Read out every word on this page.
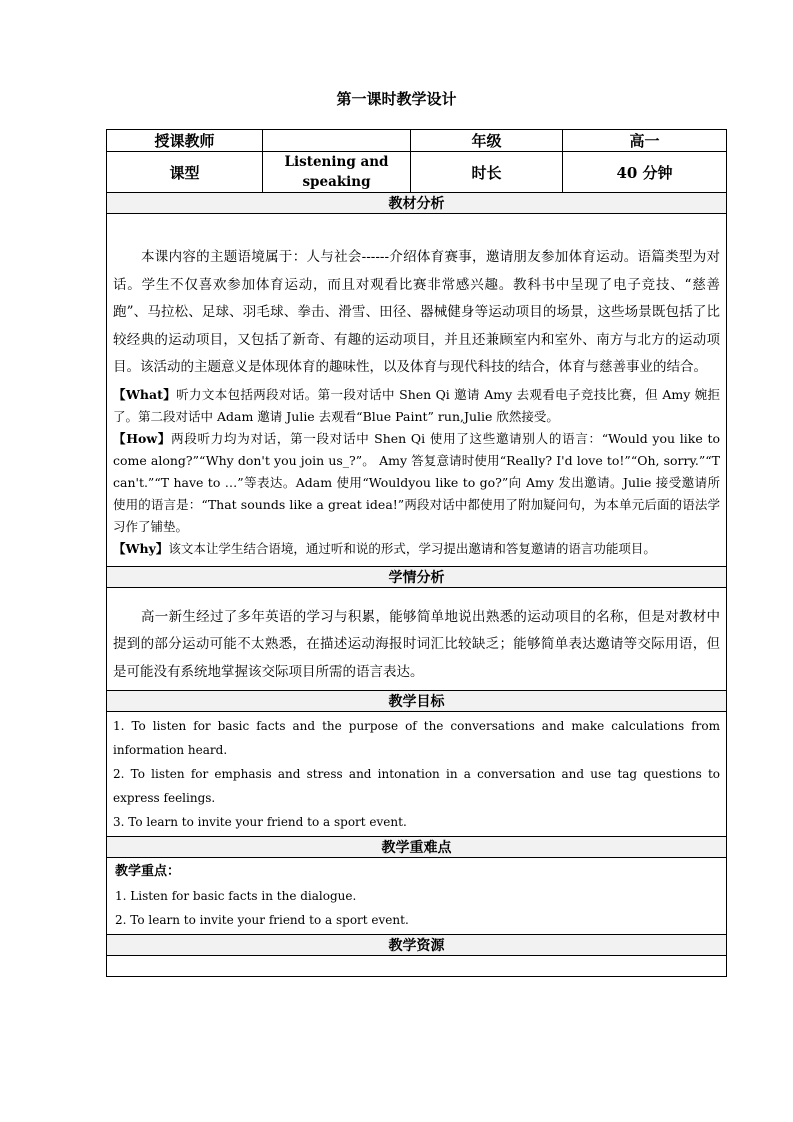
第一课时教学设计
授课教师		年级	高一
课型	Listening and speaking	时长	40 分钟
教材分析			

本课内容的主题语境属于：人与社会------介绍体育赛事，邀请朋友参加体育运动。语篇类型为对话。学生不仅喜欢参加体育运动，而且对观看比赛非常感兴趣。教科书中呈现了电子竞技、“慈善跑”、马拉松、足球、羽毛球、拳击、滑雪、田径、器械健身等运动项目的场景，这些场景既包括了比较经典的运动项目，又包括了新奇、有趣的运动项目，并且还兼顾室内和室外、南方与北方的运动项目。该活动的主题意义是体现体育的趣味性，以及体育与现代科技的结合，体育与慈善事业的结合。

【What】听力文本包括两段对话。第一段对话中 Shen Qi 邀请 Amy 去观看电子竞技比赛，但 Amy 婉拒了。第二段对话中 Adam 邀请 Julie 去观看“Blue Paint” run,Julie 欣然接受。

【How】两段听力均为对话，第一段对话中 Shen Qi 使用了这些邀请别人的语言：“Would you like to come along?”“Why don't you join us_?”。 Amy 答复意请时使用“Really? I'd love to!”“Oh, sorry.”“T can't.”“T have to …”等表达。Adam 使用“Wouldyou like to go?”向 Amy 发出邀请。Julie 接受邀请所使用的语言是：“That sounds like a great idea!”两段对话中都使用了附加疑问句，为本单元后面的语法学习作了铺垫。

【Why】该文本让学生结合语境，通过听和说的形式，学习提出邀请和答复邀请的语言功能项目。			

学情分析			

高一新生经过了多年英语的学习与积累，能够简单地说出熟悉的运动项目的名称，但是对教材中提到的部分运动可能不太熟悉，在描述运动海报时词汇比较缺乏；能够简单表达邀请等交际用语，但是可能没有系统地掌握该交际项目所需的语言表达。			

教学目标			

1. To listen for basic facts and the purpose of the conversations and make calculations from information heard.

2. To listen for emphasis and stress and intonation in a conversation and use tag questions to express feelings.

3. To learn to invite your friend to a sport event.			

教学重难点			

教学重点：

1. Listen for basic facts in the dialogue.

2. To learn to invite your friend to a sport event.			

教学资源			
